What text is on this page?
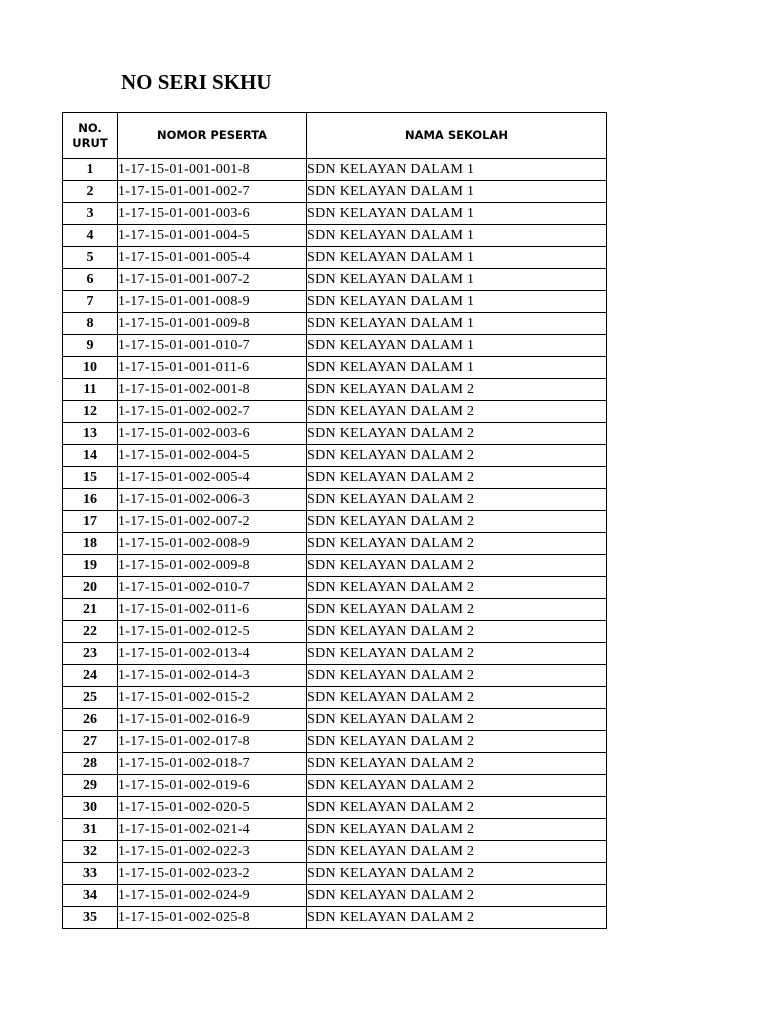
NO SERI SKHU
NO. URUT	NOMOR PESERTA	NAMA SEKOLAH
1	1-17-15-01-001-001-8	SDN KELAYAN DALAM 1
2	1-17-15-01-001-002-7	SDN KELAYAN DALAM 1
3	1-17-15-01-001-003-6	SDN KELAYAN DALAM 1
4	1-17-15-01-001-004-5	SDN KELAYAN DALAM 1
5	1-17-15-01-001-005-4	SDN KELAYAN DALAM 1
6	1-17-15-01-001-007-2	SDN KELAYAN DALAM 1
7	1-17-15-01-001-008-9	SDN KELAYAN DALAM 1
8	1-17-15-01-001-009-8	SDN KELAYAN DALAM 1
9	1-17-15-01-001-010-7	SDN KELAYAN DALAM 1
10	1-17-15-01-001-011-6	SDN KELAYAN DALAM 1
11	1-17-15-01-002-001-8	SDN KELAYAN DALAM 2
12	1-17-15-01-002-002-7	SDN KELAYAN DALAM 2
13	1-17-15-01-002-003-6	SDN KELAYAN DALAM 2
14	1-17-15-01-002-004-5	SDN KELAYAN DALAM 2
15	1-17-15-01-002-005-4	SDN KELAYAN DALAM 2
16	1-17-15-01-002-006-3	SDN KELAYAN DALAM 2
17	1-17-15-01-002-007-2	SDN KELAYAN DALAM 2
18	1-17-15-01-002-008-9	SDN KELAYAN DALAM 2
19	1-17-15-01-002-009-8	SDN KELAYAN DALAM 2
20	1-17-15-01-002-010-7	SDN KELAYAN DALAM 2
21	1-17-15-01-002-011-6	SDN KELAYAN DALAM 2
22	1-17-15-01-002-012-5	SDN KELAYAN DALAM 2
23	1-17-15-01-002-013-4	SDN KELAYAN DALAM 2
24	1-17-15-01-002-014-3	SDN KELAYAN DALAM 2
25	1-17-15-01-002-015-2	SDN KELAYAN DALAM 2
26	1-17-15-01-002-016-9	SDN KELAYAN DALAM 2
27	1-17-15-01-002-017-8	SDN KELAYAN DALAM 2
28	1-17-15-01-002-018-7	SDN KELAYAN DALAM 2
29	1-17-15-01-002-019-6	SDN KELAYAN DALAM 2
30	1-17-15-01-002-020-5	SDN KELAYAN DALAM 2
31	1-17-15-01-002-021-4	SDN KELAYAN DALAM 2
32	1-17-15-01-002-022-3	SDN KELAYAN DALAM 2
33	1-17-15-01-002-023-2	SDN KELAYAN DALAM 2
34	1-17-15-01-002-024-9	SDN KELAYAN DALAM 2
35	1-17-15-01-002-025-8	SDN KELAYAN DALAM 2
